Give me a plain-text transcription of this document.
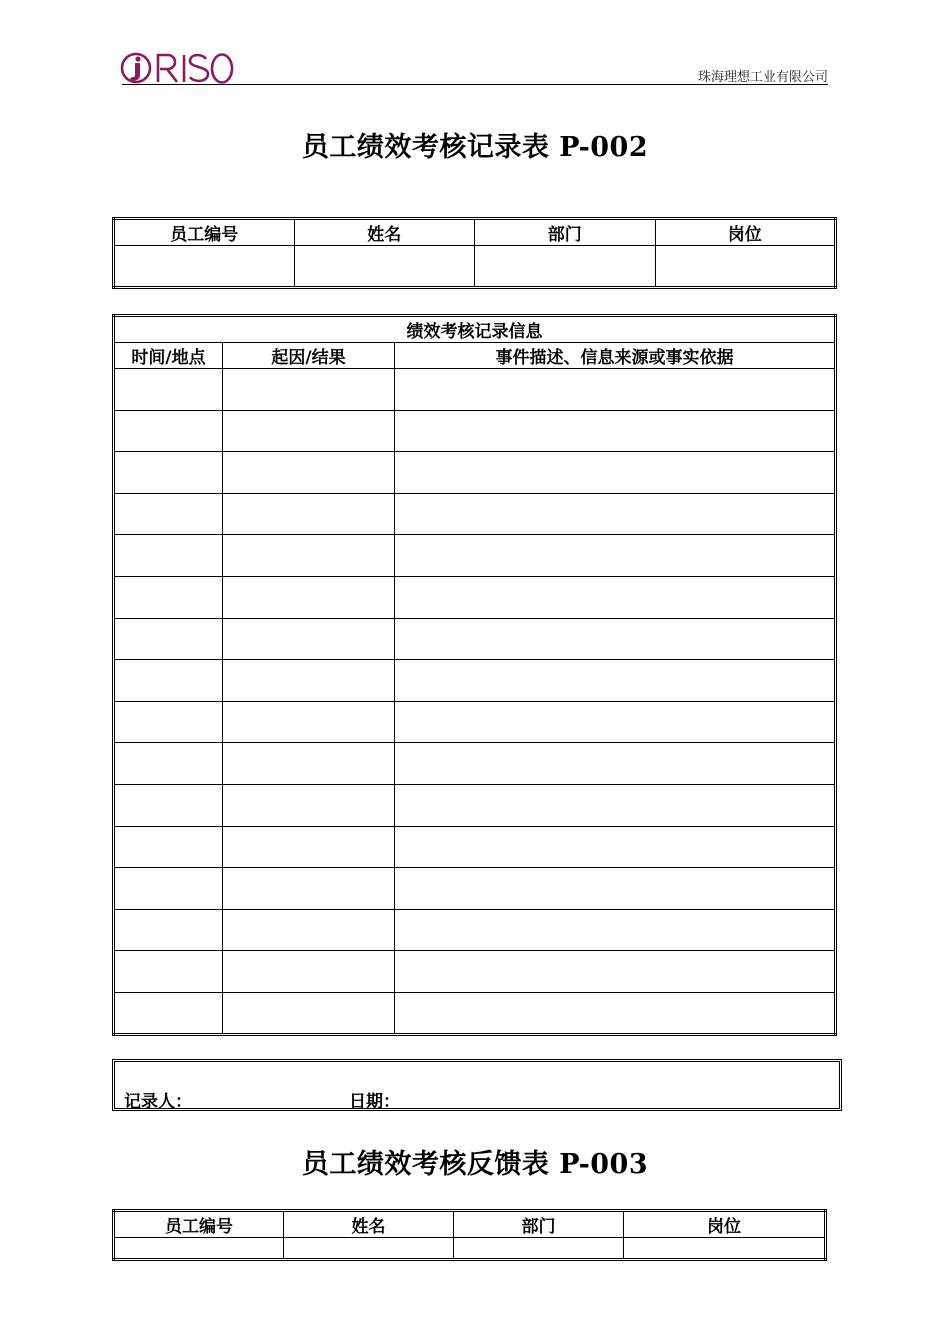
珠海理想工业有限公司
员工绩效考核记录表 P-002
员工编号	姓名	部门	岗位

绩效考核记录信息		
时间/地点	起因/结果	事件描述、信息来源或事实依据

记录人：	日期：
员工绩效考核反馈表 P-003
员工编号	姓名	部门	岗位
